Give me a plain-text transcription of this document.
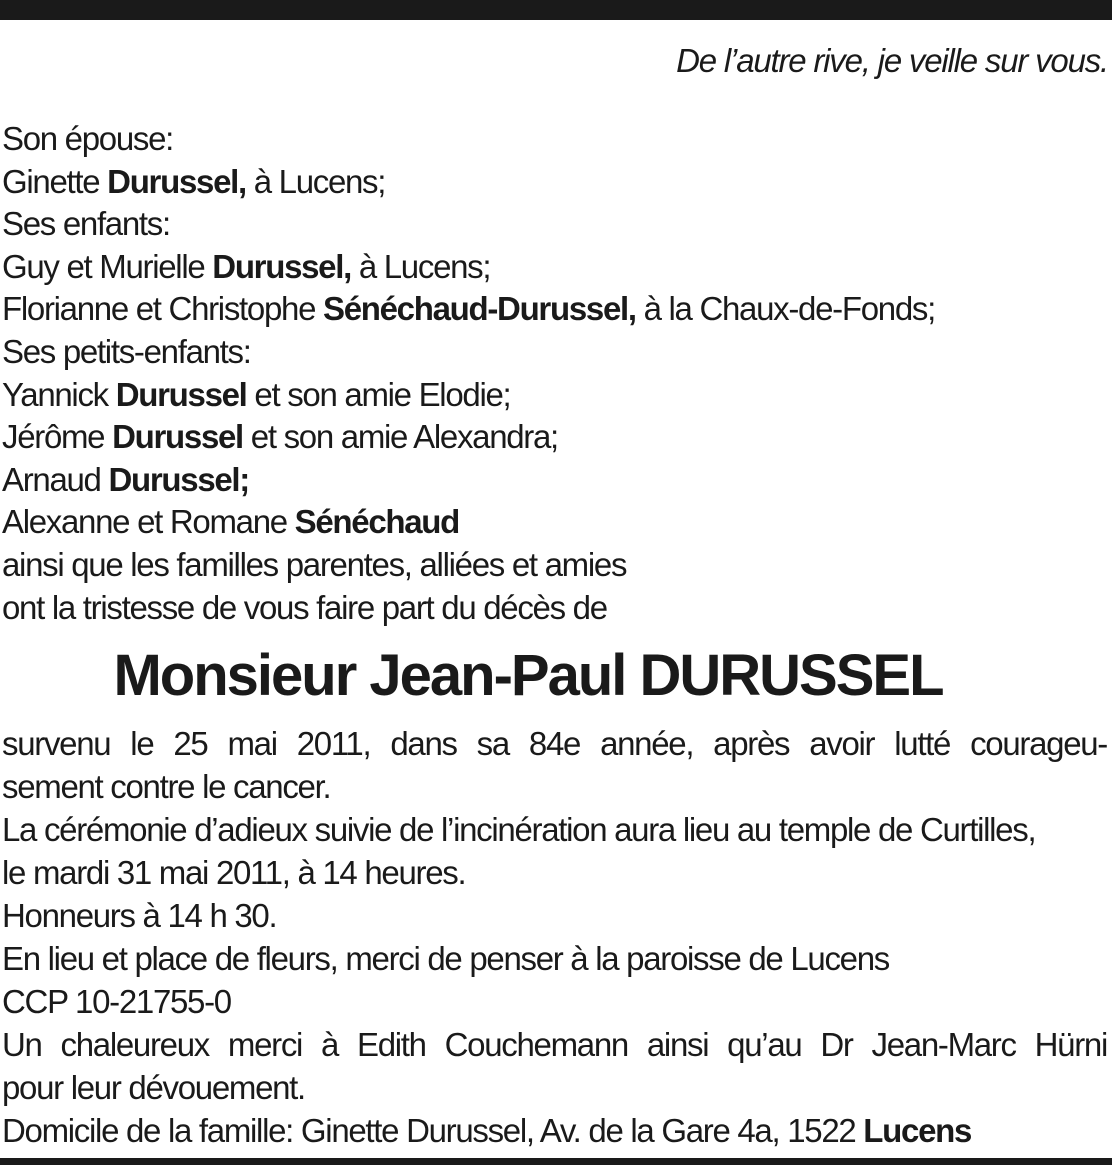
De l’autre rive, je veille sur vous.
Son épouse:
Ginette Durussel, à Lucens;
Ses enfants:
Guy et Murielle Durussel, à Lucens;
Florianne et Christophe Sénéchaud-Durussel, à la Chaux-de-Fonds;
Ses petits-enfants:
Yannick Durussel et son amie Elodie;
Jérôme Durussel et son amie Alexandra;
Arnaud Durussel;
Alexanne et Romane Sénéchaud
ainsi que les familles parentes, alliées et amies
ont la tristesse de vous faire part du décès de
Monsieur Jean-Paul DURUSSEL
survenu le 25 mai 2011, dans sa 84e année, après avoir lutté courageu-
sement contre le cancer.
La cérémonie d’adieux suivie de l’incinération aura lieu au temple de Curtilles,
le mardi 31 mai 2011, à 14 heures.
Honneurs à 14 h 30.
En lieu et place de fleurs, merci de penser à la paroisse de Lucens
CCP 10-21755-0
Un chaleureux merci à Edith Couchemann ainsi qu’au Dr Jean-Marc Hürni
pour leur dévouement.
Domicile de la famille: Ginette Durussel, Av. de la Gare 4a, 1522 Lucens
